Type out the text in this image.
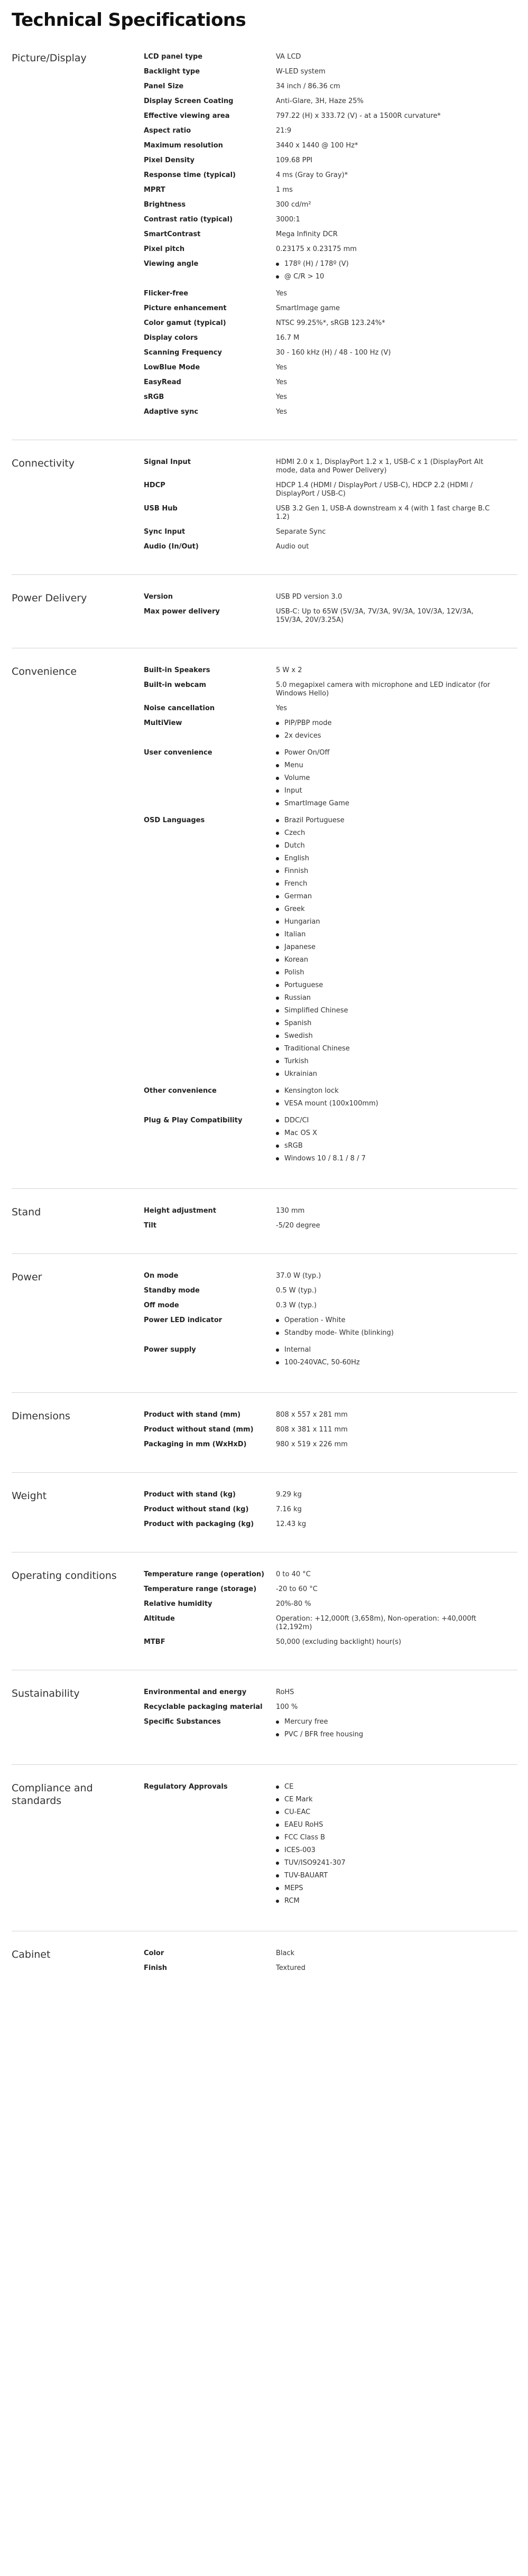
Technical Specifications
Picture/Display	LCD panel type	VA LCD
Backlight type	W-LED system
Panel Size	34 inch / 86.36 cm
Display Screen Coating	Anti-Glare, 3H, Haze 25%
Effective viewing area	797.22 (H) x 333.72 (V) - at a 1500R curvature*
Aspect ratio	21:9
Maximum resolution	3440 x 1440 @ 100 Hz*
Pixel Density	109.68 PPI
Response time (typical)	4 ms (Gray to Gray)*
MPRT	1 ms
Brightness	300 cd/m²
Contrast ratio (typical)	3000:1
SmartContrast	Mega Infinity DCR
Pixel pitch	0.23175 x 0.23175 mm
Viewing angle	178º (H) / 178º (V)
@ C/R > 10
Flicker-free	Yes
Picture enhancement	SmartImage game
Color gamut (typical)	NTSC 99.25%*, sRGB 123.24%*
Display colors	16.7 M
Scanning Frequency	30 - 160 kHz (H) / 48 - 100 Hz (V)
LowBlue Mode	Yes
EasyRead	Yes
sRGB	Yes
Adaptive sync	Yes
Connectivity	Signal Input	HDMI 2.0 x 1, DisplayPort 1.2 x 1, USB-C x 1 (DisplayPort Alt mode, data and Power Delivery)
HDCP	HDCP 1.4 (HDMI / DisplayPort / USB-C), HDCP 2.2 (HDMI / DisplayPort / USB-C)
USB Hub	USB 3.2 Gen 1, USB-A downstream x 4 (with 1 fast charge B.C 1.2)
Sync Input	Separate Sync
Audio (In/Out)	Audio out
Power Delivery	Version	USB PD version 3.0
Max power delivery	USB-C: Up to 65W (5V/3A, 7V/3A, 9V/3A, 10V/3A, 12V/3A, 15V/3A, 20V/3.25A)
Convenience	Built-in Speakers	5 W x 2
Built-in webcam	5.0 megapixel camera with microphone and LED indicator (for Windows Hello)
Noise cancellation	Yes
MultiView	PIP/PBP mode
2x devices
User convenience	Power On/Off
Menu
Volume
Input
SmartImage Game
OSD Languages	Brazil Portuguese
Czech
Dutch
English
Finnish
French
German
Greek
Hungarian
Italian
Japanese
Korean
Polish
Portuguese
Russian
Simplified Chinese
Spanish
Swedish
Traditional Chinese
Turkish
Ukrainian
Other convenience	Kensington lock
VESA mount (100x100mm)
Plug & Play Compatibility	DDC/CI
Mac OS X
sRGB
Windows 10 / 8.1 / 8 / 7
Stand	Height adjustment	130 mm
Tilt	-5/20 degree
Power	On mode	37.0 W (typ.)
Standby mode	0.5 W (typ.)
Off mode	0.3 W (typ.)
Power LED indicator	Operation - White
Standby mode- White (blinking)
Power supply	Internal
100-240VAC, 50-60Hz
Dimensions	Product with stand (mm)	808 x 557 x 281 mm
Product without stand (mm)	808 x 381 x 111 mm
Packaging in mm (WxHxD)	980 x 519 x 226 mm
Weight	Product with stand (kg)	9.29 kg
Product without stand (kg)	7.16 kg
Product with packaging (kg)	12.43 kg
Operating conditions	Temperature range (operation)	0 to 40 °C
Temperature range (storage)	-20 to 60 °C
Relative humidity	20%-80 %
Altitude	Operation: +12,000ft (3,658m), Non-operation: +40,000ft (12,192m)
MTBF	50,000 (excluding backlight) hour(s)
Sustainability	Environmental and energy	RoHS
Recyclable packaging material	100 %
Specific Substances	Mercury free
PVC / BFR free housing
Compliance and standards
Regulatory Approvals	CE
CE Mark
CU-EAC
EAEU RoHS
FCC Class B
ICES-003
TUV/ISO9241-307
TUV-BAUART
MEPS
RCM
Cabinet	Color	Black
Finish	Textured
